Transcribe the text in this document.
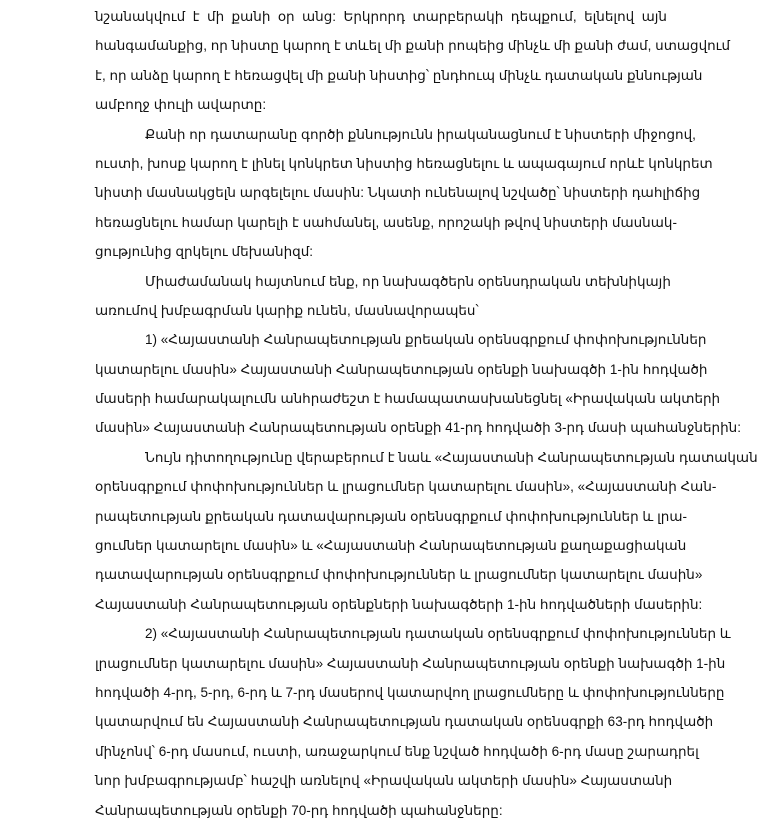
նշանակվում է մի քանի օր անց: Երկրորդ տարբերակի դեպքում, ելնելով այն
հանգամանքից, որ նիստը կարող է տևել մի քանի րոպեից մինչև մի քանի ժամ, ստացվում
է, որ անձը կարող է հեռացվել մի քանի նիստից՝ ընդհուպ մինչև դատական քննության
ամբողջ փուլի ավարտը:
Քանի որ դատարանը գործի քննությունն իրականացնում է նիստերի միջոցով,
ուստի, խոսք կարող է լինել կոնկրետ նիստից հեռացնելու և ապագայում որևէ կոնկրետ
նիստի մասնակցելն արգելելու մասին: Նկատի ունենալով նշվածը՝ նիստերի դահլիճից
հեռացնելու համար կարելի է սահմանել, ասենք, որոշակի թվով նիստերի մասնակ-
ցությունից զրկելու մեխանիզմ:
Միաժամանակ հայտնում ենք, որ նախագծերն օրենսդրական տեխնիկայի
առումով խմբագրման կարիք ունեն, մասնավորապես՝
1) «Հայաստանի Հանրապետության քրեական օրենսգրքում փոփոխություններ
կատարելու մասին» Հայաստանի Հանրապետության օրենքի նախագծի 1-ին հոդվածի
մասերի համարակալումն անհրաժեշտ է համապատասխանեցնել «Իրավական ակտերի
մասին» Հայաստանի Հանրապետության օրենքի 41-րդ հոդվածի 3-րդ մասի պահանջներին:
Նույն դիտողությունը վերաբերում է նաև «Հայաստանի Հանրապետության դատական
օրենսգրքում փոփոխություններ և լրացումներ կատարելու մասին», «Հայաստանի Հան-
րապետության քրեական դատավարության օրենսգրքում փոփոխություններ և լրա-
ցումներ կատարելու մասին» և «Հայաստանի Հանրապետության քաղաքացիական
դատավարության օրենսգրքում փոփոխություններ և լրացումներ կատարելու մասին»
Հայաստանի Հանրապետության օրենքների նախագծերի 1-ին հոդվածների մասերին:
2) «Հայաստանի Հանրապետության դատական օրենսգրքում փոփոխություններ և
լրացումներ կատարելու մասին» Հայաստանի Հանրապետության օրենքի նախագծի 1-ին
հոդվածի 4-րդ, 5-րդ, 6-րդ և 7-րդ մասերով կատարվող լրացումները և փոփոխությունները
կատարվում են Հայաստանի Հանրապետության դատական օրենսգրքի 63-րդ հոդվածի
մինչոնվ՝ 6-րդ մասում, ուստի, առաջարկում ենք նշված հոդվածի 6-րդ մասը շարադրել
նոր խմբագրությամբ՝ հաշվի առնելով «Իրավական ակտերի մասին» Հայաստանի
Հանրապետության օրենքի 70-րդ հոդվածի պահանջները:
